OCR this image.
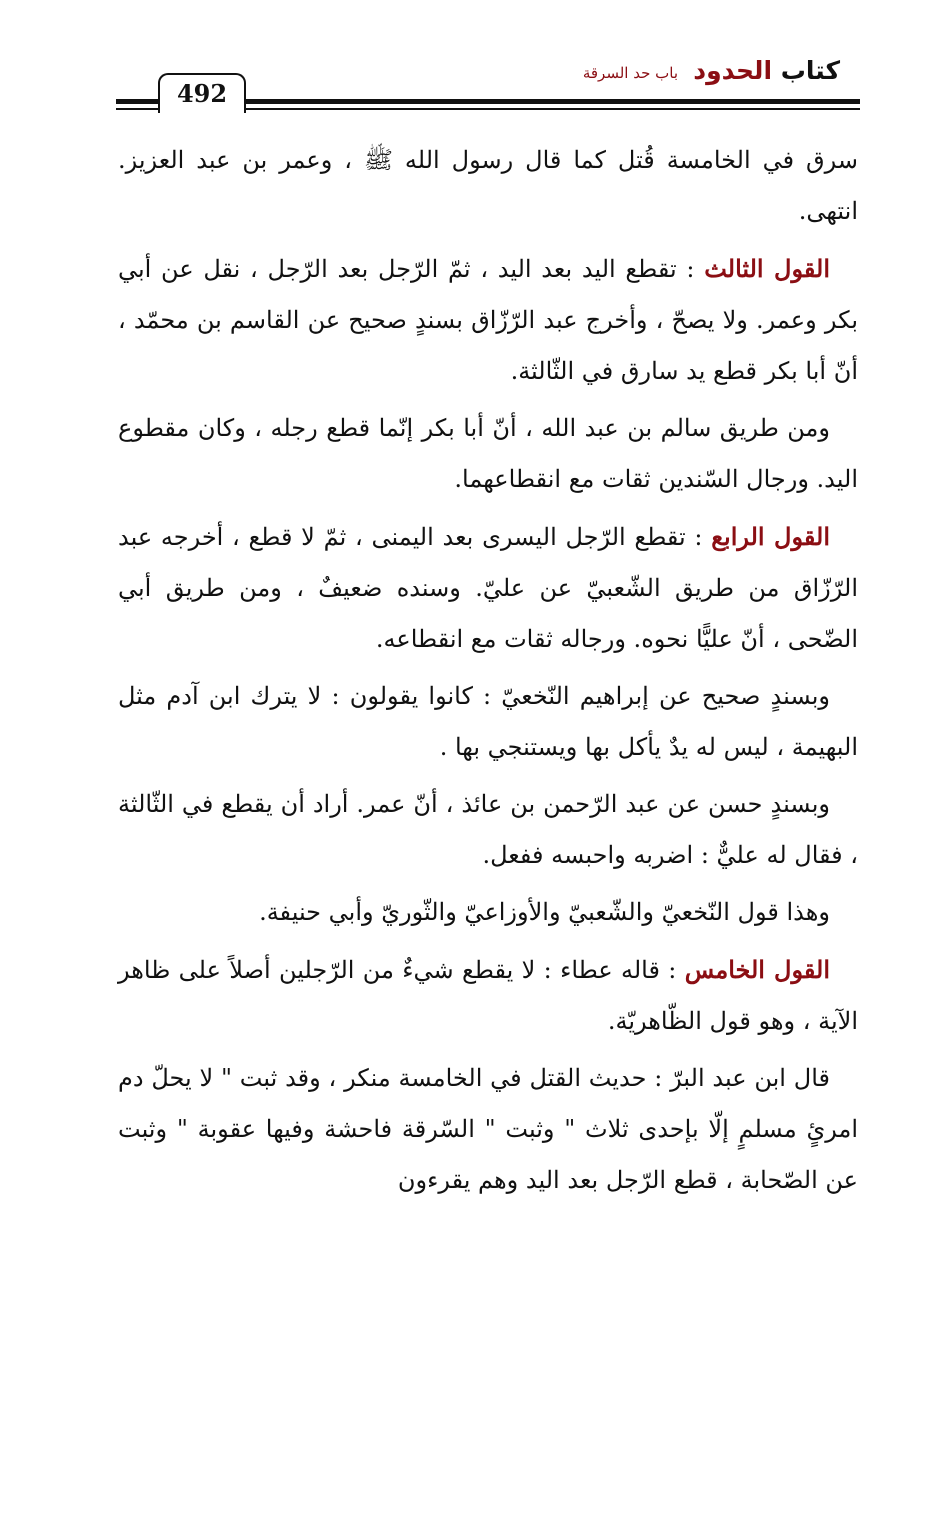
كتاب الحدود
باب حد السرقة
492

سرق في الخامسة قُتل كما قال رسول الله ﷺ ، وعمر بن عبد العزيز. انتهى.

القول الثالث : تقطع اليد بعد اليد ، ثمّ الرّجل بعد الرّجل ، نقل عن أبي بكر وعمر. ولا يصحّ ، وأخرج عبد الرّزّاق بسندٍ صحيح عن القاسم بن محمّد ، أنّ أبا بكر قطع يد سارق في الثّالثة.

ومن طريق سالم بن عبد الله ، أنّ أبا بكر إنّما قطع رجله ، وكان مقطوع اليد. ورجال السّندين ثقات مع انقطاعهما.

القول الرابع : تقطع الرّجل اليسرى بعد اليمنى ، ثمّ لا قطع ، أخرجه عبد الرّزّاق من طريق الشّعبيّ عن عليّ. وسنده ضعيفٌ ، ومن طريق أبي الضّحى ، أنّ عليًّا نحوه. ورجاله ثقات مع انقطاعه.

وبسندٍ صحيح عن إبراهيم النّخعيّ : كانوا يقولون : لا يترك ابن آدم مثل البهيمة ، ليس له يدٌ يأكل بها ويستنجي بها .

وبسندٍ حسن عن عبد الرّحمن بن عائذ ، أنّ عمر. أراد أن يقطع في الثّالثة ، فقال له عليٌّ : اضربه واحبسه ففعل.

وهذا قول النّخعيّ والشّعبيّ والأوزاعيّ والثّوريّ وأبي حنيفة.

القول الخامس : قاله عطاء : لا يقطع شيءٌ من الرّجلين أصلاً على ظاهر الآية ، وهو قول الظّاهريّة.

قال ابن عبد البرّ : حديث القتل في الخامسة منكر ، وقد ثبت " لا يحلّ دم امرئٍ مسلمٍ إلّا بإحدى ثلاث " وثبت " السّرقة فاحشة وفيها عقوبة " وثبت عن الصّحابة ، قطع الرّجل بعد اليد وهم يقرءون
